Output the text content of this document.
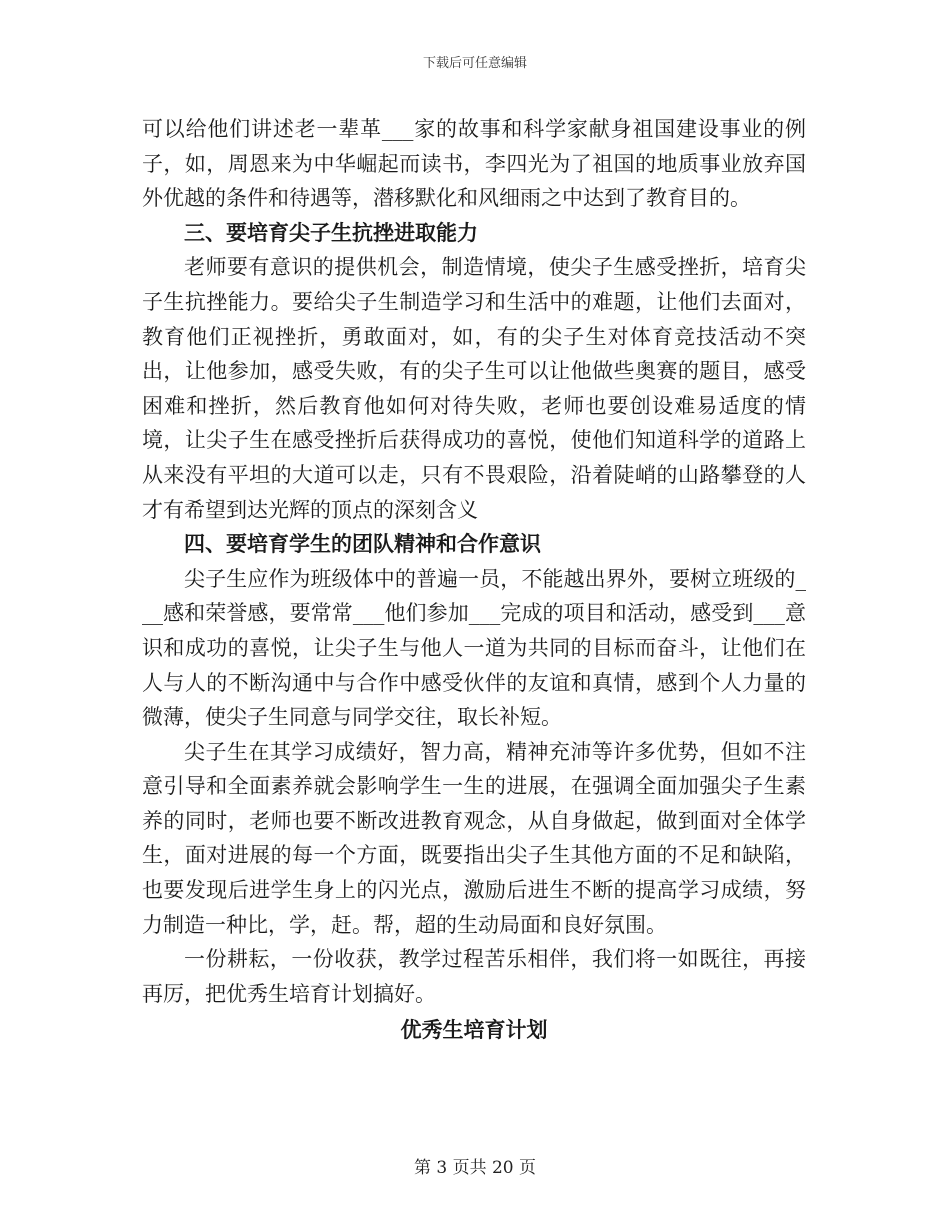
下载后可任意编辑

可以给他们讲述老一辈革___家的故事和科学家献身祖国建设事业的例子，如，周恩来为中华崛起而读书，李四光为了祖国的地质事业放弃国外优越的条件和待遇等，潜移默化和风细雨之中达到了教育目的。

三、要培育尖子生抗挫进取能力

老师要有意识的提供机会，制造情境，使尖子生感受挫折，培育尖子生抗挫能力。要给尖子生制造学习和生活中的难题，让他们去面对，教育他们正视挫折，勇敢面对，如，有的尖子生对体育竞技活动不突出，让他参加，感受失败，有的尖子生可以让他做些奥赛的题目，感受困难和挫折，然后教育他如何对待失败，老师也要创设难易适度的情境，让尖子生在感受挫折后获得成功的喜悦，使他们知道科学的道路上从来没有平坦的大道可以走，只有不畏艰险，沿着陡峭的山路攀登的人才有希望到达光辉的顶点的深刻含义

四、要培育学生的团队精神和合作意识

尖子生应作为班级体中的普遍一员，不能越出界外，要树立班级的___感和荣誉感，要常常___他们参加___完成的项目和活动，感受到___意识和成功的喜悦，让尖子生与他人一道为共同的目标而奋斗，让他们在人与人的不断沟通中与合作中感受伙伴的友谊和真情，感到个人力量的微薄，使尖子生同意与同学交往，取长补短。

尖子生在其学习成绩好，智力高，精神充沛等许多优势，但如不注意引导和全面素养就会影响学生一生的进展，在强调全面加强尖子生素养的同时，老师也要不断改进教育观念，从自身做起，做到面对全体学生，面对进展的每一个方面，既要指出尖子生其他方面的不足和缺陷，也要发现后进学生身上的闪光点，激励后进生不断的提高学习成绩，努力制造一种比，学，赶。帮，超的生动局面和良好氛围。

一份耕耘，一份收获，教学过程苦乐相伴，我们将一如既往，再接再厉，把优秀生培育计划搞好。

优秀生培育计划

第 3 页共 20 页
